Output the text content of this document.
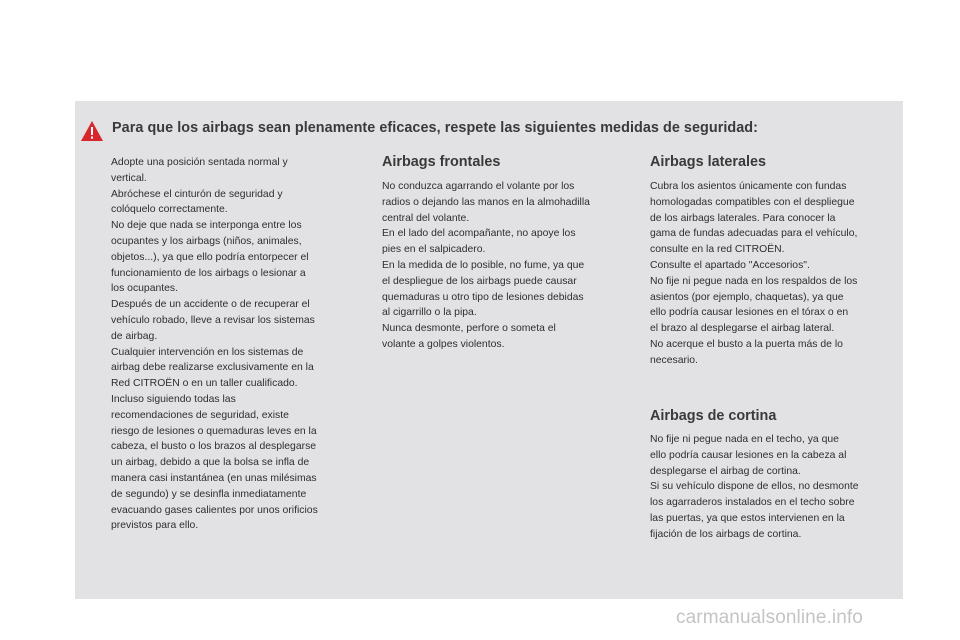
Para que los airbags sean plenamente eficaces, respete las siguientes medidas de seguridad:

Adopte una posición sentada normal y
vertical.
Abróchese el cinturón de seguridad y
colóquelo correctamente.
No deje que nada se interponga entre los
ocupantes y los airbags (niños, animales,
objetos...), ya que ello podría entorpecer el
funcionamiento de los airbags o lesionar a
los ocupantes.
Después de un accidente o de recuperar el
vehículo robado, lleve a revisar los sistemas
de airbag.
Cualquier intervención en los sistemas de
airbag debe realizarse exclusivamente en la
Red CITROËN o en un taller cualificado.
Incluso siguiendo todas las
recomendaciones de seguridad, existe
riesgo de lesiones o quemaduras leves en la
cabeza, el busto o los brazos al desplegarse
un airbag, debido a que la bolsa se infla de
manera casi instantánea (en unas milésimas
de segundo) y se desinfla inmediatamente
evacuando gases calientes por unos orificios
previstos para ello.

Airbags frontales

No conduzca agarrando el volante por los
radios o dejando las manos en la almohadilla
central del volante.
En el lado del acompañante, no apoye los
pies en el salpicadero.
En la medida de lo posible, no fume, ya que
el despliegue de los airbags puede causar
quemaduras u otro tipo de lesiones debidas
al cigarrillo o la pipa.
Nunca desmonte, perfore o someta el
volante a golpes violentos.

Airbags laterales

Cubra los asientos únicamente con fundas
homologadas compatibles con el despliegue
de los airbags laterales. Para conocer la
gama de fundas adecuadas para el vehículo,
consulte en la red CITROËN.
Consulte el apartado "Accesorios".
No fije ni pegue nada en los respaldos de los
asientos (por ejemplo, chaquetas), ya que
ello podría causar lesiones en el tórax o en
el brazo al desplegarse el airbag lateral.
No acerque el busto a la puerta más de lo
necesario.

Airbags de cortina

No fije ni pegue nada en el techo, ya que
ello podría causar lesiones en la cabeza al
desplegarse el airbag de cortina.
Si su vehículo dispone de ellos, no desmonte
los agarraderos instalados en el techo sobre
las puertas, ya que estos intervienen en la
fijación de los airbags de cortina.

carmanualsonline.info
